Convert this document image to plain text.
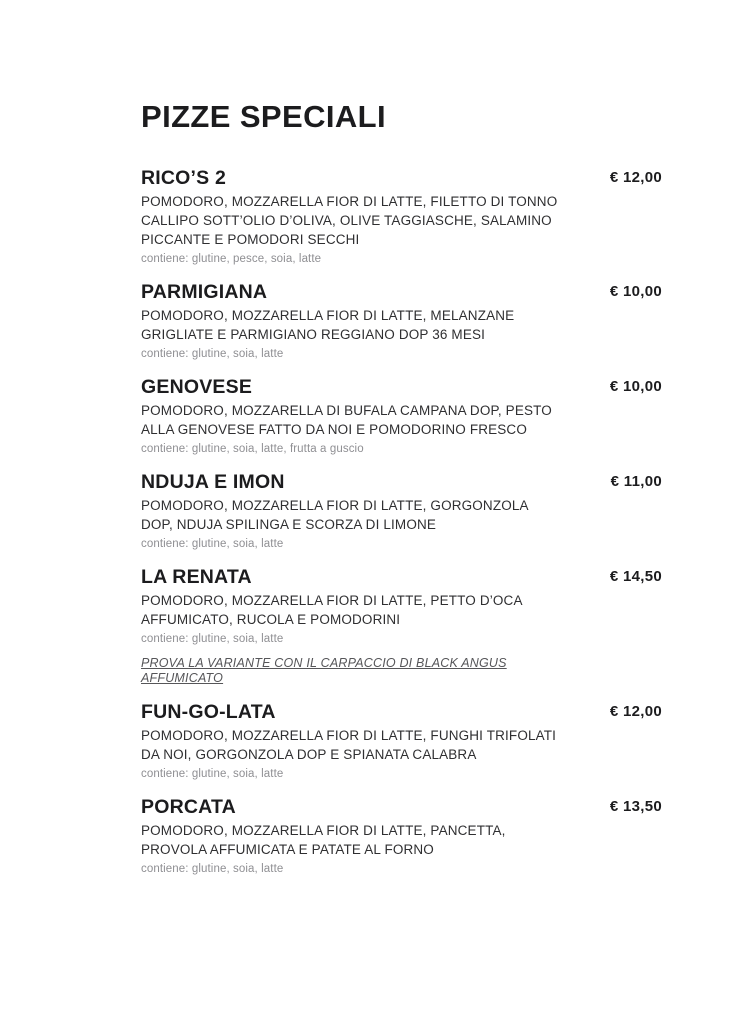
PIZZE SPECIALI
RICO’S 2	€ 12,00

POMODORO, MOZZARELLA FIOR DI LATTE, FILETTO DI TONNO CALLIPO SOTT’OLIO D’OLIVA, OLIVE TAGGIASCHE, SALAMINO PICCANTE E POMODORI SECCHI

contiene: glutine, pesce, soia, latte

PARMIGIANA	€ 10,00

POMODORO, MOZZARELLA FIOR DI LATTE, MELANZANE GRIGLIATE E PARMIGIANO REGGIANO DOP 36 MESI

contiene: glutine, soia, latte

GENOVESE	€ 10,00

POMODORO, MOZZARELLA DI BUFALA CAMPANA DOP, PESTO ALLA GENOVESE FATTO DA NOI E POMODORINO FRESCO

contiene: glutine, soia, latte, frutta a guscio

NDUJA E IMON	€ 11,00

POMODORO, MOZZARELLA FIOR DI LATTE, GORGONZOLA DOP, NDUJA SPILINGA E SCORZA DI LIMONE

contiene: glutine, soia, latte

LA RENATA	€ 14,50

POMODORO, MOZZARELLA FIOR DI LATTE, PETTO D’OCA AFFUMICATO, RUCOLA E POMODORINI

contiene: glutine, soia, latte

PROVA LA VARIANTE CON IL CARPACCIO DI BLACK ANGUS AFFUMICATO

FUN-GO-LATA	€ 12,00

POMODORO, MOZZARELLA FIOR DI LATTE, FUNGHI TRIFOLATI DA NOI, GORGONZOLA DOP E SPIANATA CALABRA

contiene: glutine, soia, latte

PORCATA	€ 13,50

POMODORO, MOZZARELLA FIOR DI LATTE, PANCETTA, PROVOLA AFFUMICATA E PATATE AL FORNO

contiene: glutine, soia, latte
